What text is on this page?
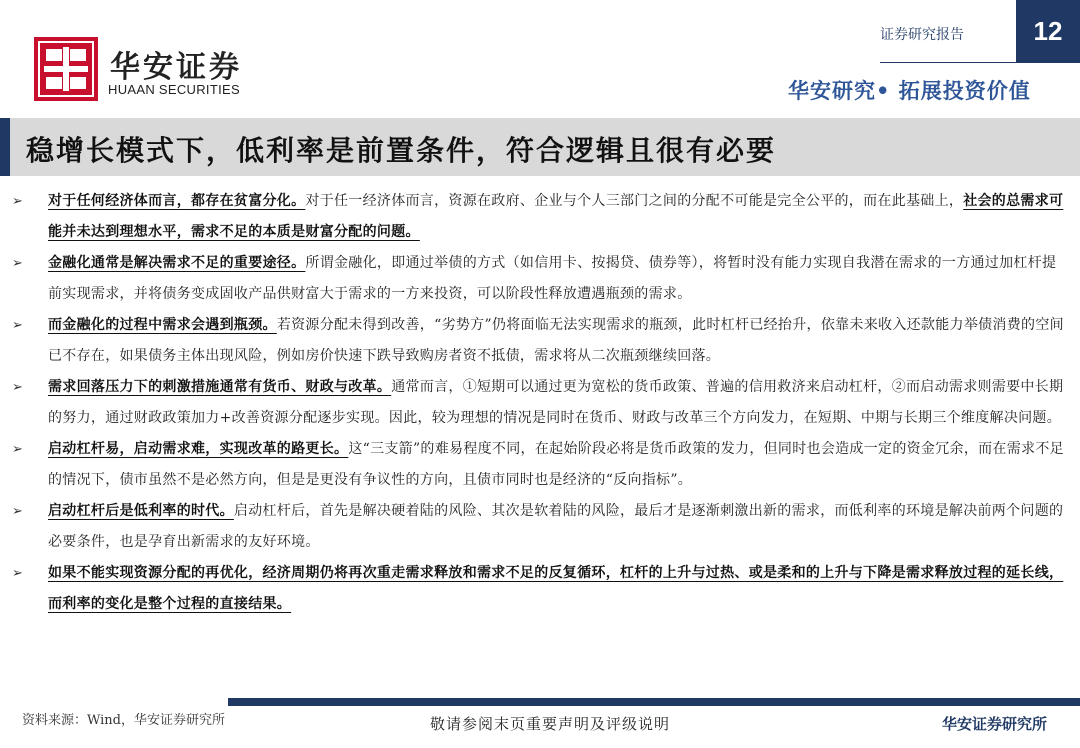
华安证券
HUAAN SECURITIES
证券研究报告	12
华安研究• 拓展投资价值
稳增长模式下，低利率是前置条件，符合逻辑且很有必要
➢	对于任何经济体而言，都存在贫富分化。对于任一经济体而言，资源在政府、企业与个人三部门之间的分配不可能是完全公平的，而在此基础上，社会的总需求可能并未达到理想水平，需求不足的本质是财富分配的问题。
➢	金融化通常是解决需求不足的重要途径。所谓金融化，即通过举债的方式（如信用卡、按揭贷、债券等），将暂时没有能力实现自我潜在需求的一方通过加杠杆提前实现需求，并将债务变成固收产品供财富大于需求的一方来投资，可以阶段性释放遭遇瓶颈的需求。
➢	而金融化的过程中需求会遇到瓶颈。若资源分配未得到改善，“劣势方”仍将面临无法实现需求的瓶颈，此时杠杆已经抬升，依靠未来收入还款能力举债消费的空间已不存在，如果债务主体出现风险，例如房价快速下跌导致购房者资不抵债，需求将从二次瓶颈继续回落。
➢	需求回落压力下的刺激措施通常有货币、财政与改革。通常而言，①短期可以通过更为宽松的货币政策、普遍的信用救济来启动杠杆，②而启动需求则需要中长期的努力，通过财政政策加力+改善资源分配逐步实现。因此，较为理想的情况是同时在货币、财政与改革三个方向发力，在短期、中期与长期三个维度解决问题。
➢	启动杠杆易，启动需求难，实现改革的路更长。这“三支箭”的难易程度不同，在起始阶段必将是货币政策的发力，但同时也会造成一定的资金冗余，而在需求不足的情况下，债市虽然不是必然方向，但是是更没有争议性的方向，且债市同时也是经济的“反向指标”。
➢	启动杠杆后是低利率的时代。启动杠杆后，首先是解决硬着陆的风险、其次是软着陆的风险，最后才是逐渐刺激出新的需求，而低利率的环境是解决前两个问题的必要条件，也是孕育出新需求的友好环境。
➢	如果不能实现资源分配的再优化，经济周期仍将再次重走需求释放和需求不足的反复循环，杠杆的上升与过热、或是柔和的上升与下降是需求释放过程的延长线，而利率的变化是整个过程的直接结果。
资料来源：Wind，华安证券研究所	敬请参阅末页重要声明及评级说明	华安证券研究所
